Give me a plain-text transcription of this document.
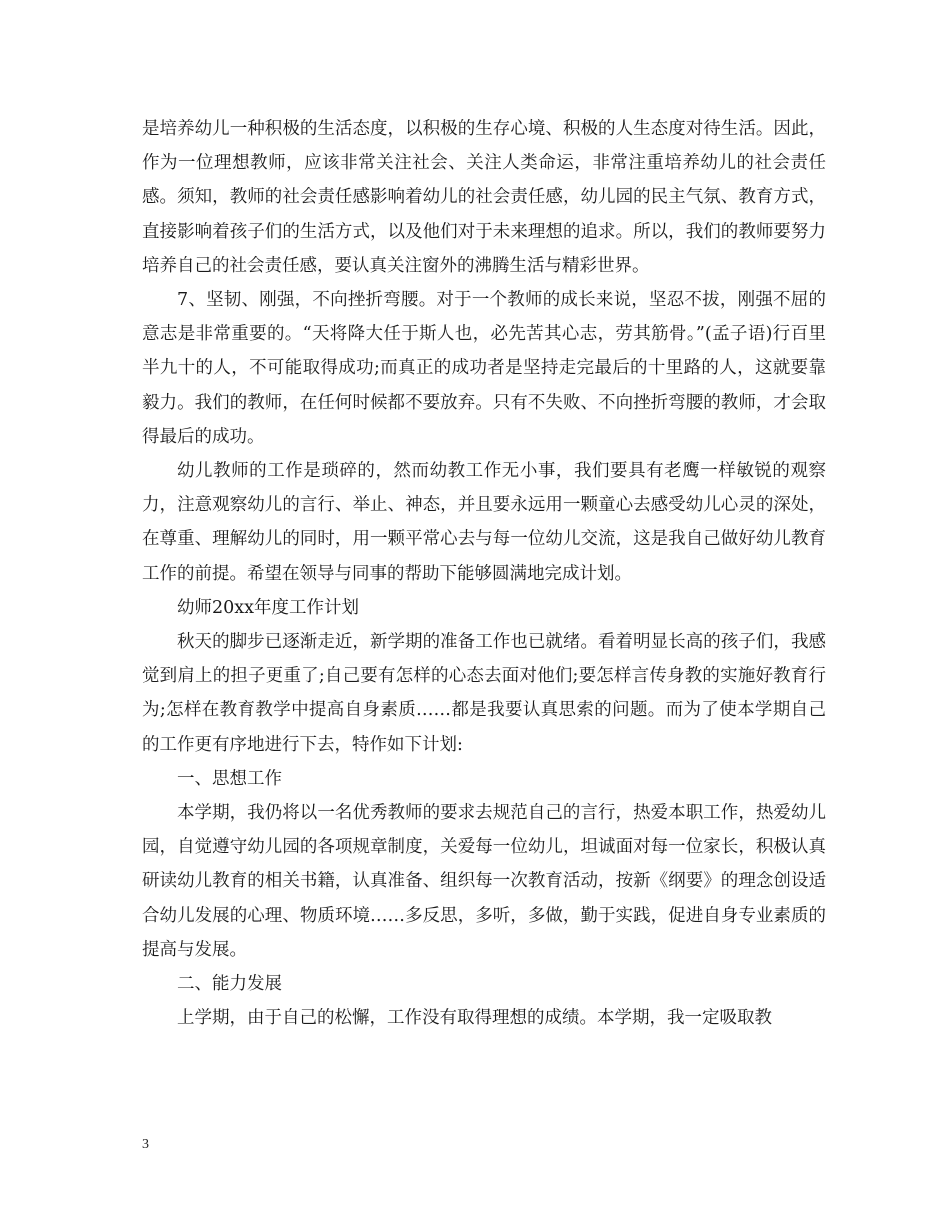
是培养幼儿一种积极的生活态度，以积极的生存心境、积极的人生态度对待生活。因此，作为一位理想教师，应该非常关注社会、关注人类命运，非常注重培养幼儿的社会责任感。须知，教师的社会责任感影响着幼儿的社会责任感，幼儿园的民主气氛、教育方式，直接影响着孩子们的生活方式，以及他们对于未来理想的追求。所以，我们的教师要努力培养自己的社会责任感，要认真关注窗外的沸腾生活与精彩世界。

7、坚韧、刚强，不向挫折弯腰。对于一个教师的成长来说，坚忍不拔，刚强不屈的意志是非常重要的。“天将降大任于斯人也，必先苦其心志，劳其筋骨。”(孟子语)行百里半九十的人，不可能取得成功;而真正的成功者是坚持走完最后的十里路的人，这就要靠毅力。我们的教师，在任何时候都不要放弃。只有不失败、不向挫折弯腰的教师，才会取得最后的成功。

幼儿教师的工作是琐碎的，然而幼教工作无小事，我们要具有老鹰一样敏锐的观察力，注意观察幼儿的言行、举止、神态，并且要永远用一颗童心去感受幼儿心灵的深处，在尊重、理解幼儿的同时，用一颗平常心去与每一位幼儿交流，这是我自己做好幼儿教育工作的前提。希望在领导与同事的帮助下能够圆满地完成计划。

幼师20xx年度工作计划

秋天的脚步已逐渐走近，新学期的准备工作也已就绪。看着明显长高的孩子们，我感觉到肩上的担子更重了;自己要有怎样的心态去面对他们;要怎样言传身教的实施好教育行为;怎样在教育教学中提高自身素质……都是我要认真思索的问题。而为了使本学期自己的工作更有序地进行下去，特作如下计划:

一、思想工作

本学期，我仍将以一名优秀教师的要求去规范自己的言行，热爱本职工作，热爱幼儿园，自觉遵守幼儿园的各项规章制度，关爱每一位幼儿，坦诚面对每一位家长，积极认真研读幼儿教育的相关书籍，认真准备、组织每一次教育活动，按新《纲要》的理念创设适合幼儿发展的心理、物质环境……多反思，多听，多做，勤于实践，促进自身专业素质的提高与发展。

二、能力发展

上学期，由于自己的松懈，工作没有取得理想的成绩。本学期，我一定吸取教

3
